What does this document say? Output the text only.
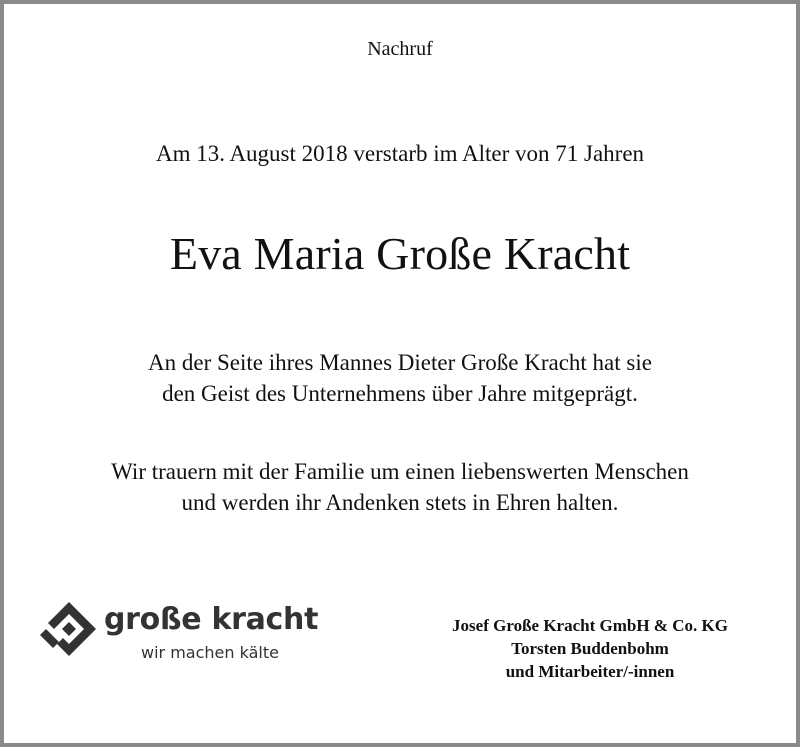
Nachruf
Am 13. August 2018 verstarb im Alter von 71 Jahren
Eva Maria Große Kracht
An der Seite ihres Mannes Dieter Große Kracht hat sie
den Geist des Unternehmens über Jahre mitgeprägt.
Wir trauern mit der Familie um einen liebenswerten Menschen
und werden ihr Andenken stets in Ehren halten.
große kracht
wir machen kälte
Josef Große Kracht GmbH & Co. KG
Torsten Buddenbohm
und Mitarbeiter/-innen
